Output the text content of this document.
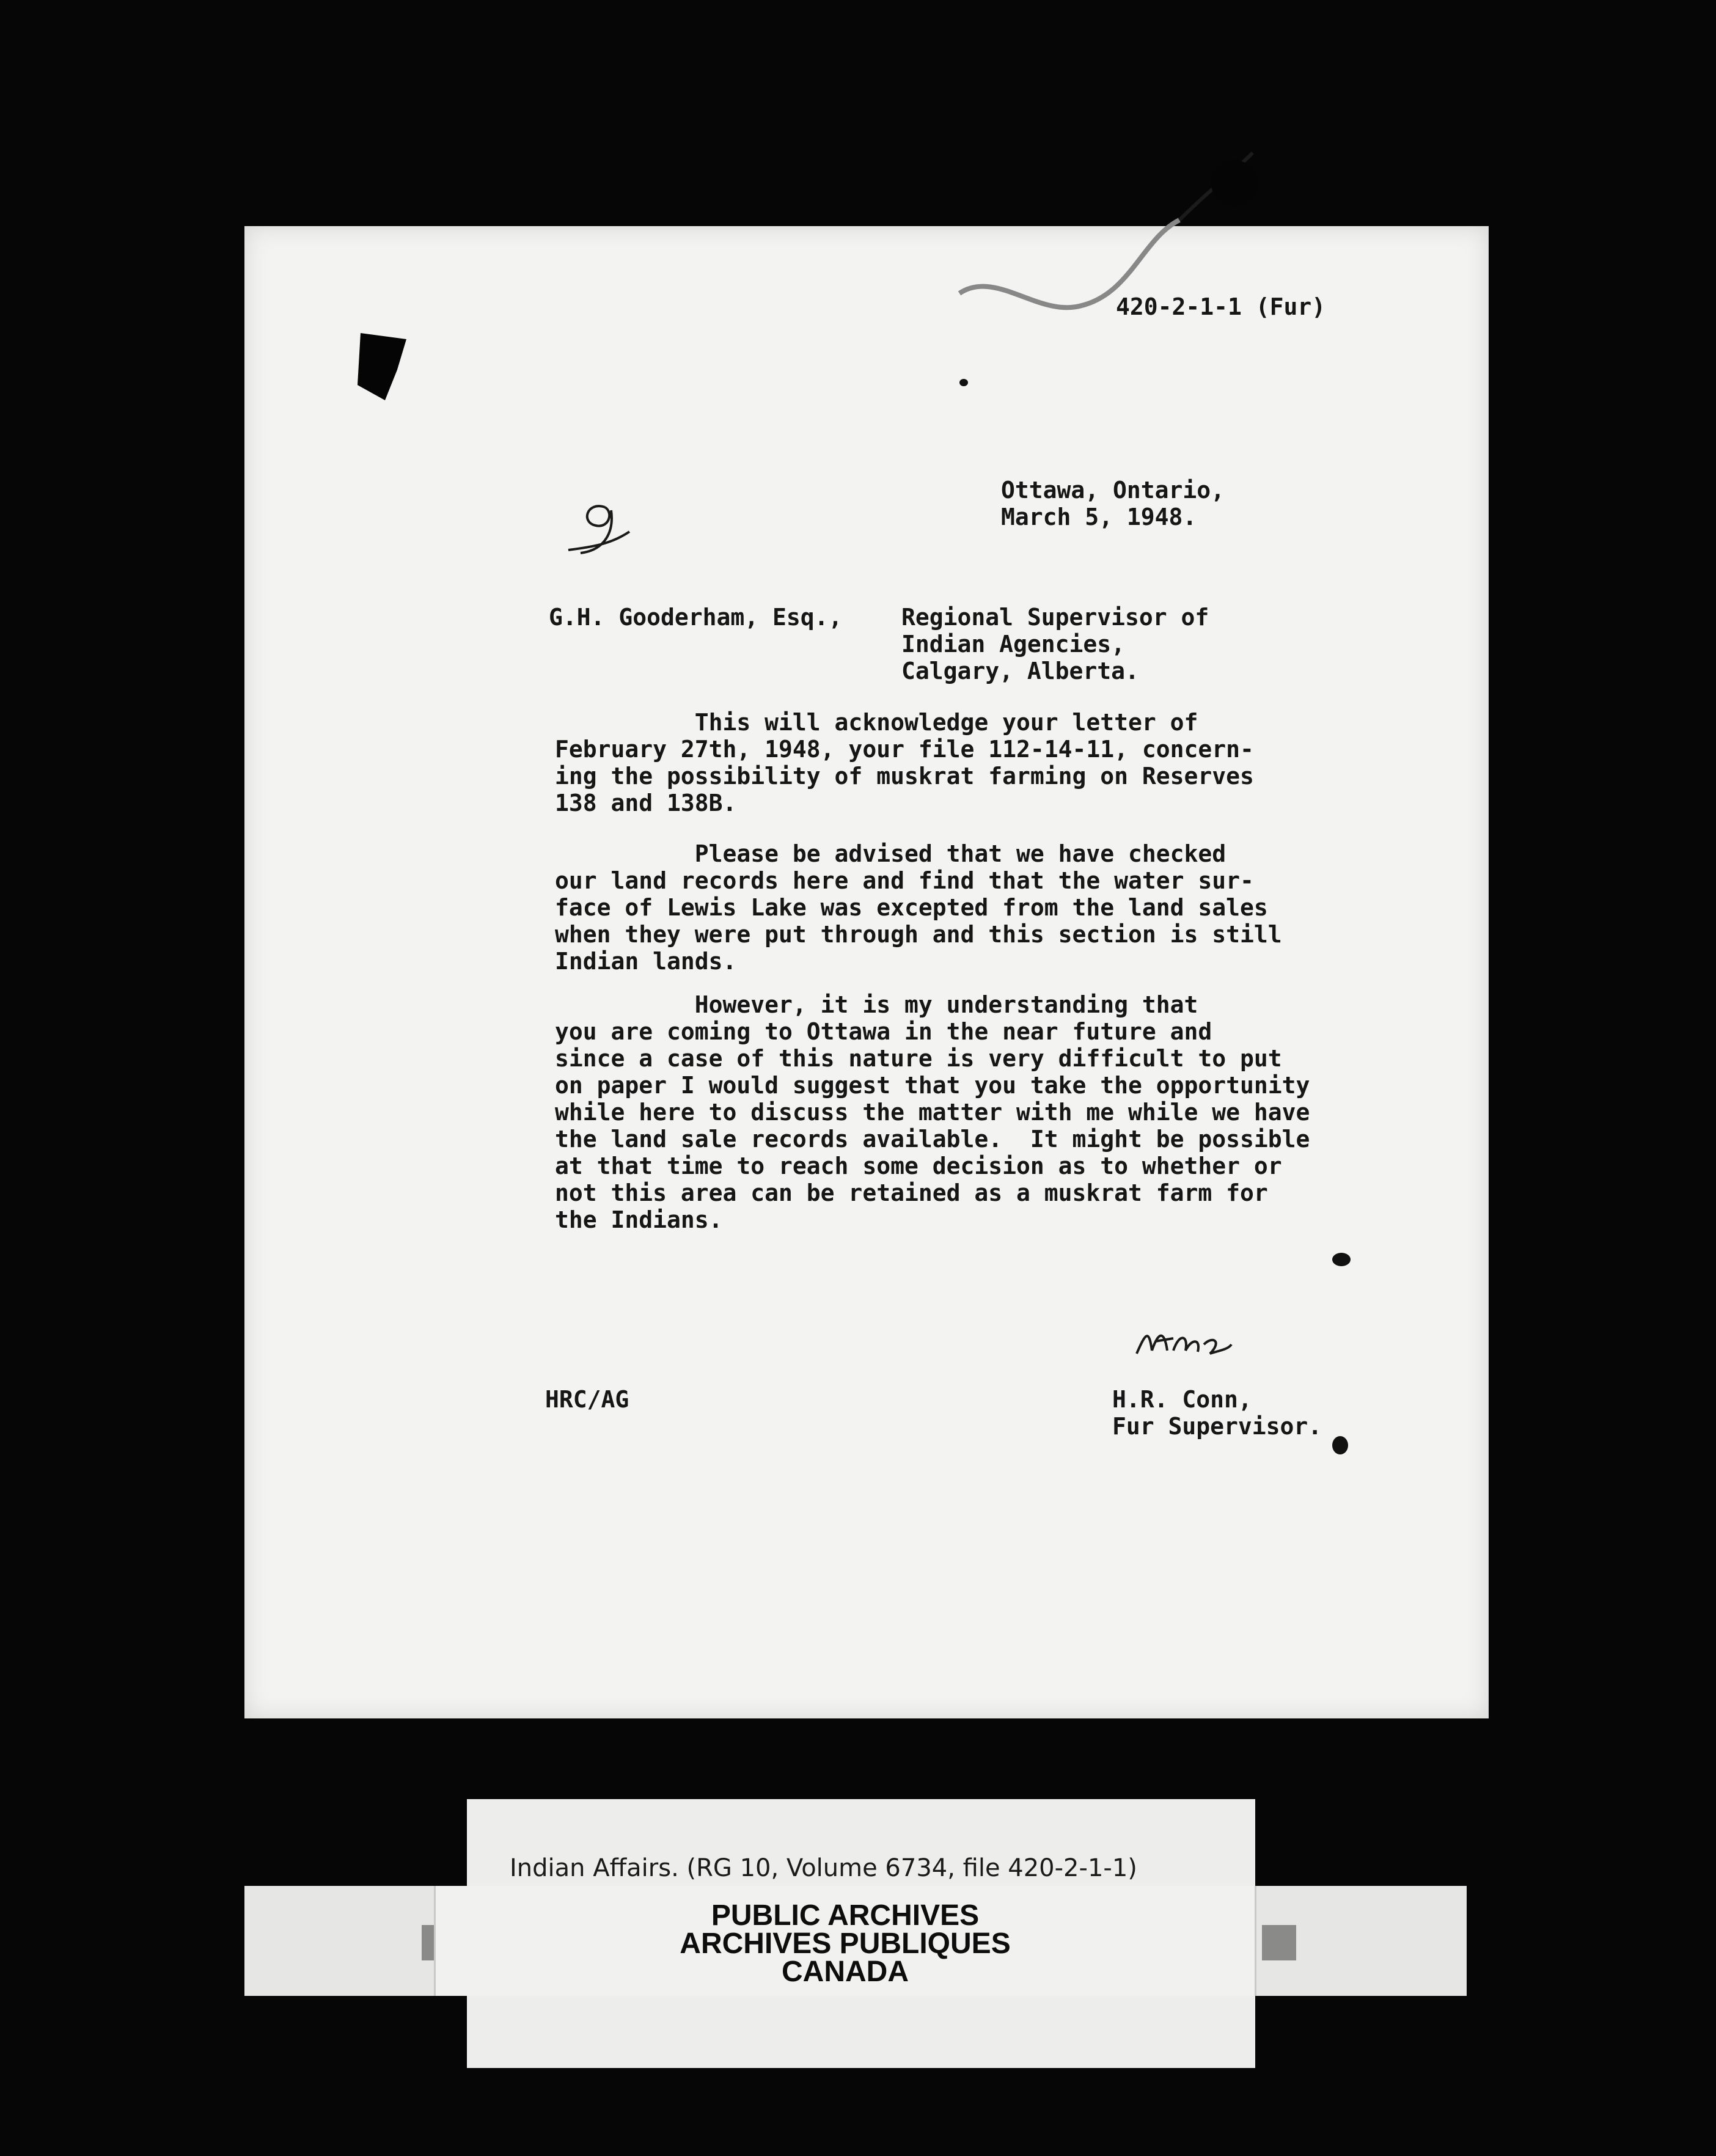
420-2-1-1 (Fur)
Ottawa, Ontario,
March 5, 1948.
G.H. Gooderham, Esq.,	Regional Supervisor of
Indian Agencies,
Calgary, Alberta.
This will acknowledge your letter of
February 27th, 1948, your file 112-14-11, concern-
ing the possibility of muskrat farming on Reserves
138 and 138B.
Please be advised that we have checked
our land records here and find that the water sur-
face of Lewis Lake was excepted from the land sales
when they were put through and this section is still
Indian lands.
However, it is my understanding that
you are coming to Ottawa in the near future and
since a case of this nature is very difficult to put
on paper I would suggest that you take the opportunity
while here to discuss the matter with me while we have
the land sale records available.  It might be possible
at that time to reach some decision as to whether or
not this area can be retained as a muskrat farm for
the Indians.
HRC/AG	H.R. Conn,
Fur Supervisor.
Indian Affairs. (RG 10, Volume 6734, file 420-2-1-1)
PUBLIC ARCHIVES
ARCHIVES PUBLIQUES
CANADA
